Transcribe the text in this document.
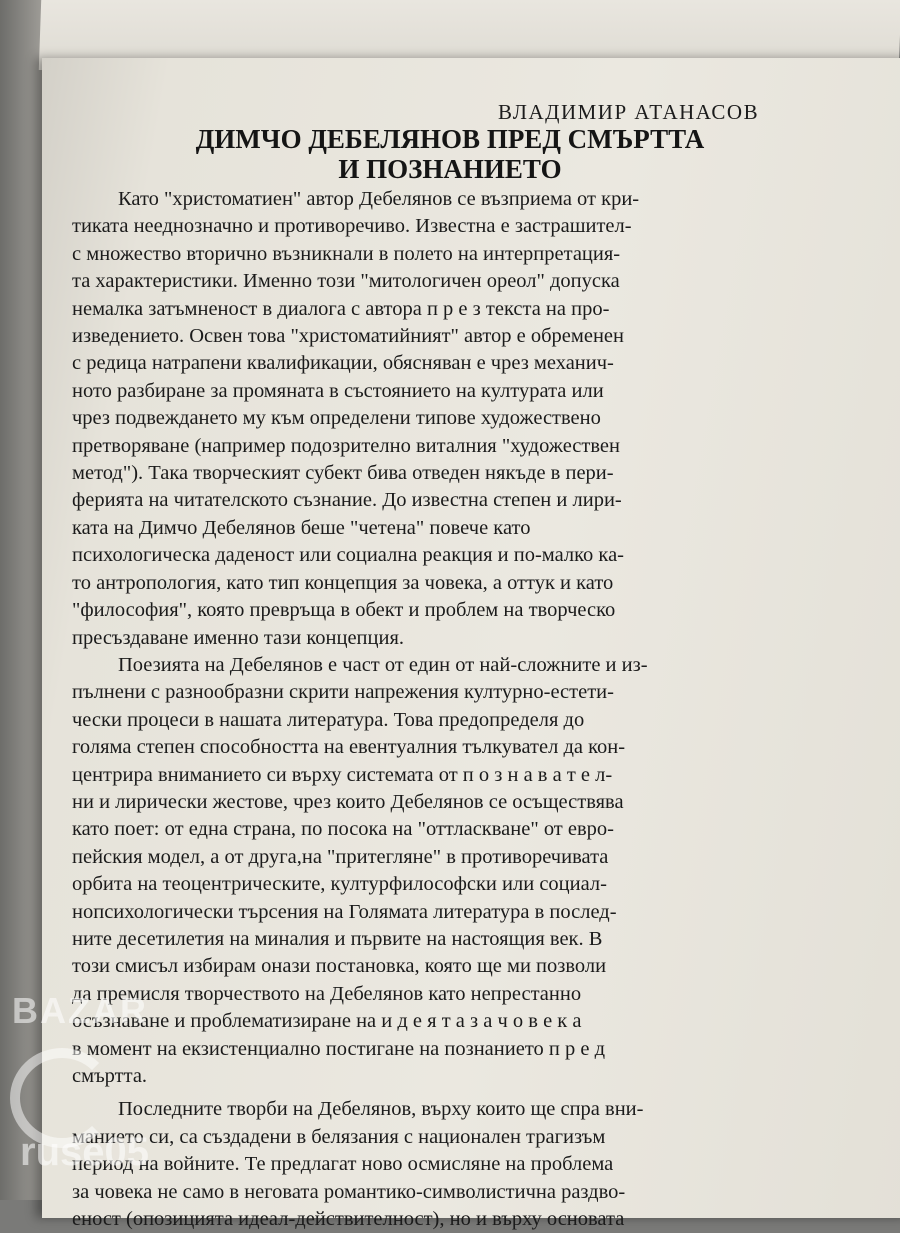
ВЛАДИМИР АТАНАСОВ
ДИМЧО ДЕБЕЛЯНОВ ПРЕД СМЪРТТА
И ПОЗНАНИЕТО
Като "христоматиен" автор Дебелянов се възприема от кри-
тиката нееднозначно и противоречиво. Известна е застрашител-
с множество вторично възникнали в полето на интерпретация-
та характеристики. Именно този "митологичен ореол" допуска
немалка затъмненост в диалога с автора п р е з текста на про-
изведението. Освен това "христоматийният" автор е обременен
с редица натрапени квалификации, обясняван е чрез механич-
ното разбиране за промяната в състоянието на културата или
чрез подвеждането му към определени типове художествено
претворяване (например подозрително виталния "художествен
метод"). Така творческият субект бива отведен някъде в пери-
ферията на читателското съзнание. До известна степен и лири-
ката на Димчо Дебелянов беше "четена" повече като
психологическа даденост или социална реакция и по-малко ка-
то антропология, като тип концепция за човека, а оттук и като
"философия", която превръща в обект и проблем на творческо
пресъздаване именно тази концепция.
Поезията на Дебелянов е част от един от най-сложните и из-
пълнени с разнообразни скрити напрежения културно-естети-
чески процеси в нашата литература. Това предопределя до
голяма степен способността на евентуалния тълкувател да кон-
центрира вниманието си върху системата от п о з н а в а т е л-
ни и лирически жестове, чрез които Дебелянов се осъществява
като поет: от една страна, по посока на "оттласкване" от евро-
пейския модел, а от друга,на "притегляне" в противоречивата
орбита на теоцентрическите, културфилософски или социал-
нопсихологически търсения на Голямата литература в послед-
ните десетилетия на миналия и първите на настоящия век. В
този смисъл избирам онази постановка, която ще ми позволи
да премисля творчеството на Дебелянов като непрестанно
осъзнаване и проблематизиране на и д е я т а з а ч о в е к а
в момент на екзистенциално постигане на познанието п р е д
смъртта.
Последните творби на Дебелянов, върху които ще спра вни-
манието си, са създадени в белязания с национален трагизъм
период на войните. Те предлагат ново осмисляне на проблема
за човека не само в неговата романтико-символистична раздво-
еност (опозицията идеал-действителност), но и върху основата
BAZAR
ruse05
